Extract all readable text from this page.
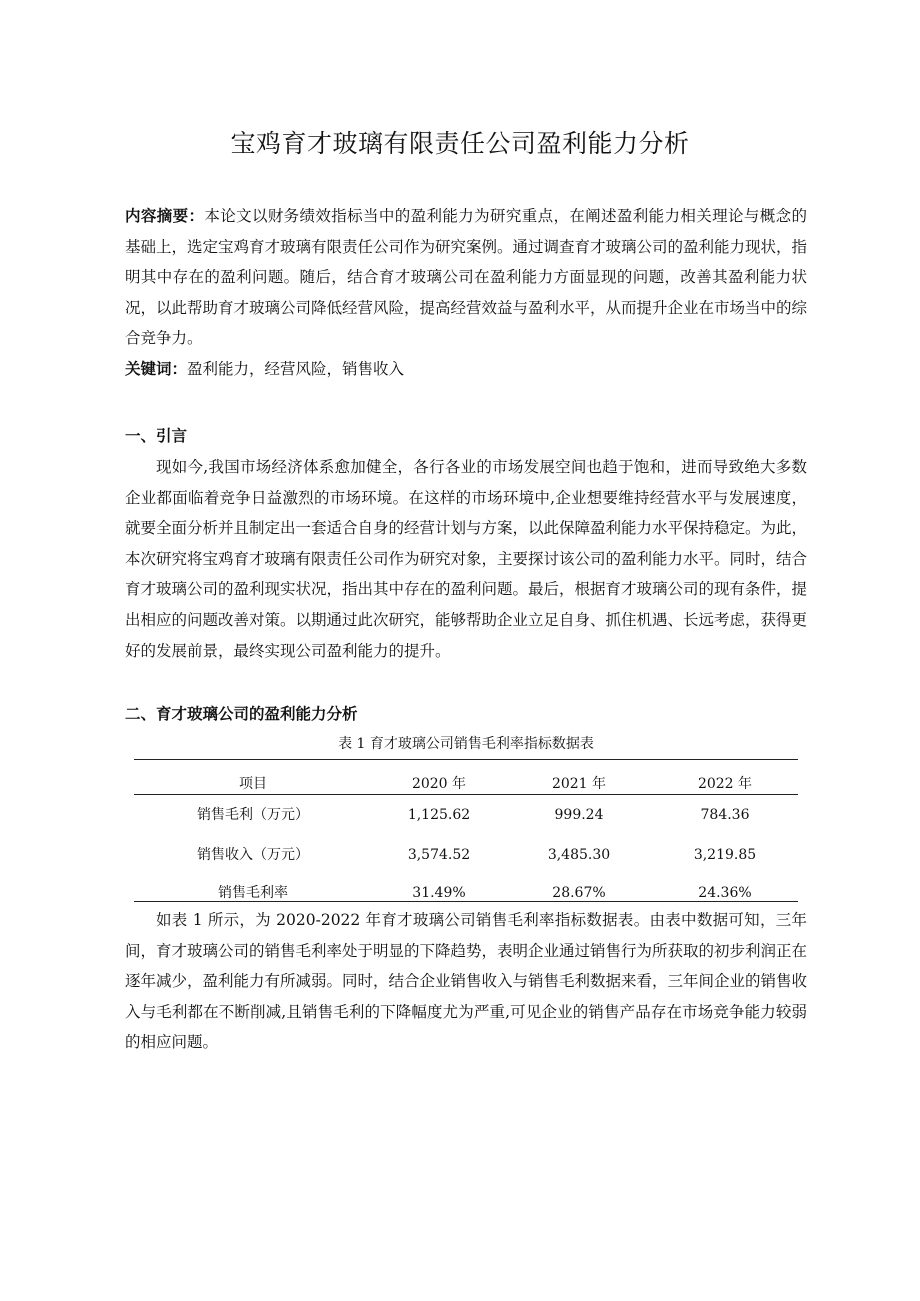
宝鸡育才玻璃有限责任公司盈利能力分析

内容摘要：本论文以财务绩效指标当中的盈利能力为研究重点，在阐述盈利能力相关理论与概念的基础上，选定宝鸡育才玻璃有限责任公司作为研究案例。通过调查育才玻璃公司的盈利能力现状，指明其中存在的盈利问题。随后，结合育才玻璃公司在盈利能力方面显现的问题，改善其盈利能力状况，以此帮助育才玻璃公司降低经营风险，提高经营效益与盈利水平，从而提升企业在市场当中的综合竞争力。

关键词：盈利能力，经营风险，销售收入

一、引言

现如今,我国市场经济体系愈加健全，各行各业的市场发展空间也趋于饱和，进而导致绝大多数企业都面临着竞争日益激烈的市场环境。在这样的市场环境中,企业想要维持经营水平与发展速度，就要全面分析并且制定出一套适合自身的经营计划与方案，以此保障盈利能力水平保持稳定。为此，本次研究将宝鸡育才玻璃有限责任公司作为研究对象，主要探讨该公司的盈利能力水平。同时，结合育才玻璃公司的盈利现实状况，指出其中存在的盈利问题。最后，根据育才玻璃公司的现有条件，提出相应的问题改善对策。以期通过此次研究，能够帮助企业立足自身、抓住机遇、长远考虑，获得更好的发展前景，最终实现公司盈利能力的提升。

二、育才玻璃公司的盈利能力分析
表 1 育才玻璃公司销售毛利率指标数据表
项目	2020 年	2021 年	2022 年
销售毛利（万元）	1,125.62	999.24	784.36
销售收入（万元）	3,574.52	3,485.30	3,219.85
销售毛利率	31.49%	28.67%	24.36%

如表 1 所示，为 2020-2022 年育才玻璃公司销售毛利率指标数据表。由表中数据可知，三年间，育才玻璃公司的销售毛利率处于明显的下降趋势，表明企业通过销售行为所获取的初步利润正在逐年减少，盈利能力有所减弱。同时，结合企业销售收入与销售毛利数据来看，三年间企业的销售收入与毛利都在不断削减,且销售毛利的下降幅度尤为严重,可见企业的销售产品存在市场竞争能力较弱的相应问题。
